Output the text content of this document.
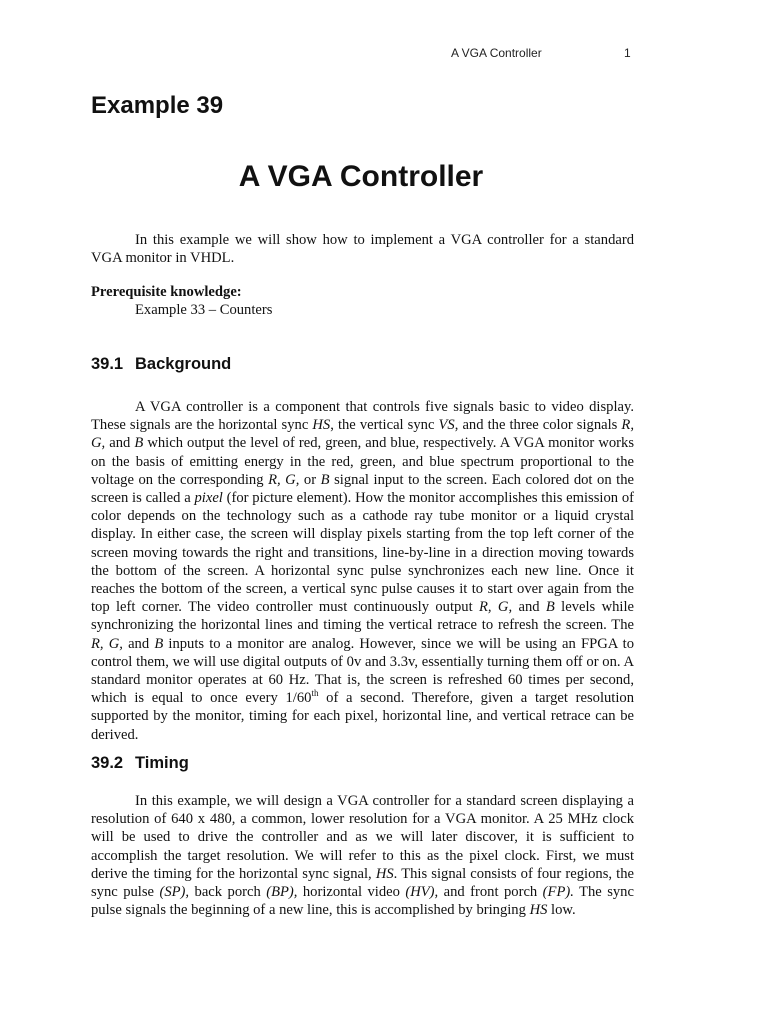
A VGA Controller	1
Example 39
A VGA Controller

In this example we will show how to implement a VGA controller for a standard VGA monitor in VHDL.

Prerequisite knowledge:

Example 33 – Counters

39.1 Background

A VGA controller is a component that controls five signals basic to video display. These signals are the horizontal sync HS, the vertical sync VS, and the three color signals R, G, and B which output the level of red, green, and blue, respectively. A VGA monitor works on the basis of emitting energy in the red, green, and blue spectrum proportional to the voltage on the corresponding R, G, or B signal input to the screen. Each colored dot on the screen is called a pixel (for picture element). How the monitor accomplishes this emission of color depends on the technology such as a cathode ray tube monitor or a liquid crystal display. In either case, the screen will display pixels starting from the top left corner of the screen moving towards the right and transitions, line-by-line in a direction moving towards the bottom of the screen. A horizontal sync pulse synchronizes each new line. Once it reaches the bottom of the screen, a vertical sync pulse causes it to start over again from the top left corner. The video controller must continuously output R, G, and B levels while synchronizing the horizontal lines and timing the vertical retrace to refresh the screen. The R, G, and B inputs to a monitor are analog. However, since we will be using an FPGA to control them, we will use digital outputs of 0v and 3.3v, essentially turning them off or on. A standard monitor operates at 60 Hz. That is, the screen is refreshed 60 times per second, which is equal to once every 1/60th of a second. Therefore, given a target resolution supported by the monitor, timing for each pixel, horizontal line, and vertical retrace can be derived.

39.2 Timing

In this example, we will design a VGA controller for a standard screen displaying a resolution of 640 x 480, a common, lower resolution for a VGA monitor. A 25 MHz clock will be used to drive the controller and as we will later discover, it is sufficient to accomplish the target resolution. We will refer to this as the pixel clock. First, we must derive the timing for the horizontal sync signal, HS. This signal consists of four regions, the sync pulse (SP), back porch (BP), horizontal video (HV), and front porch (FP). The sync pulse signals the beginning of a new line, this is accomplished by bringing HS low.
